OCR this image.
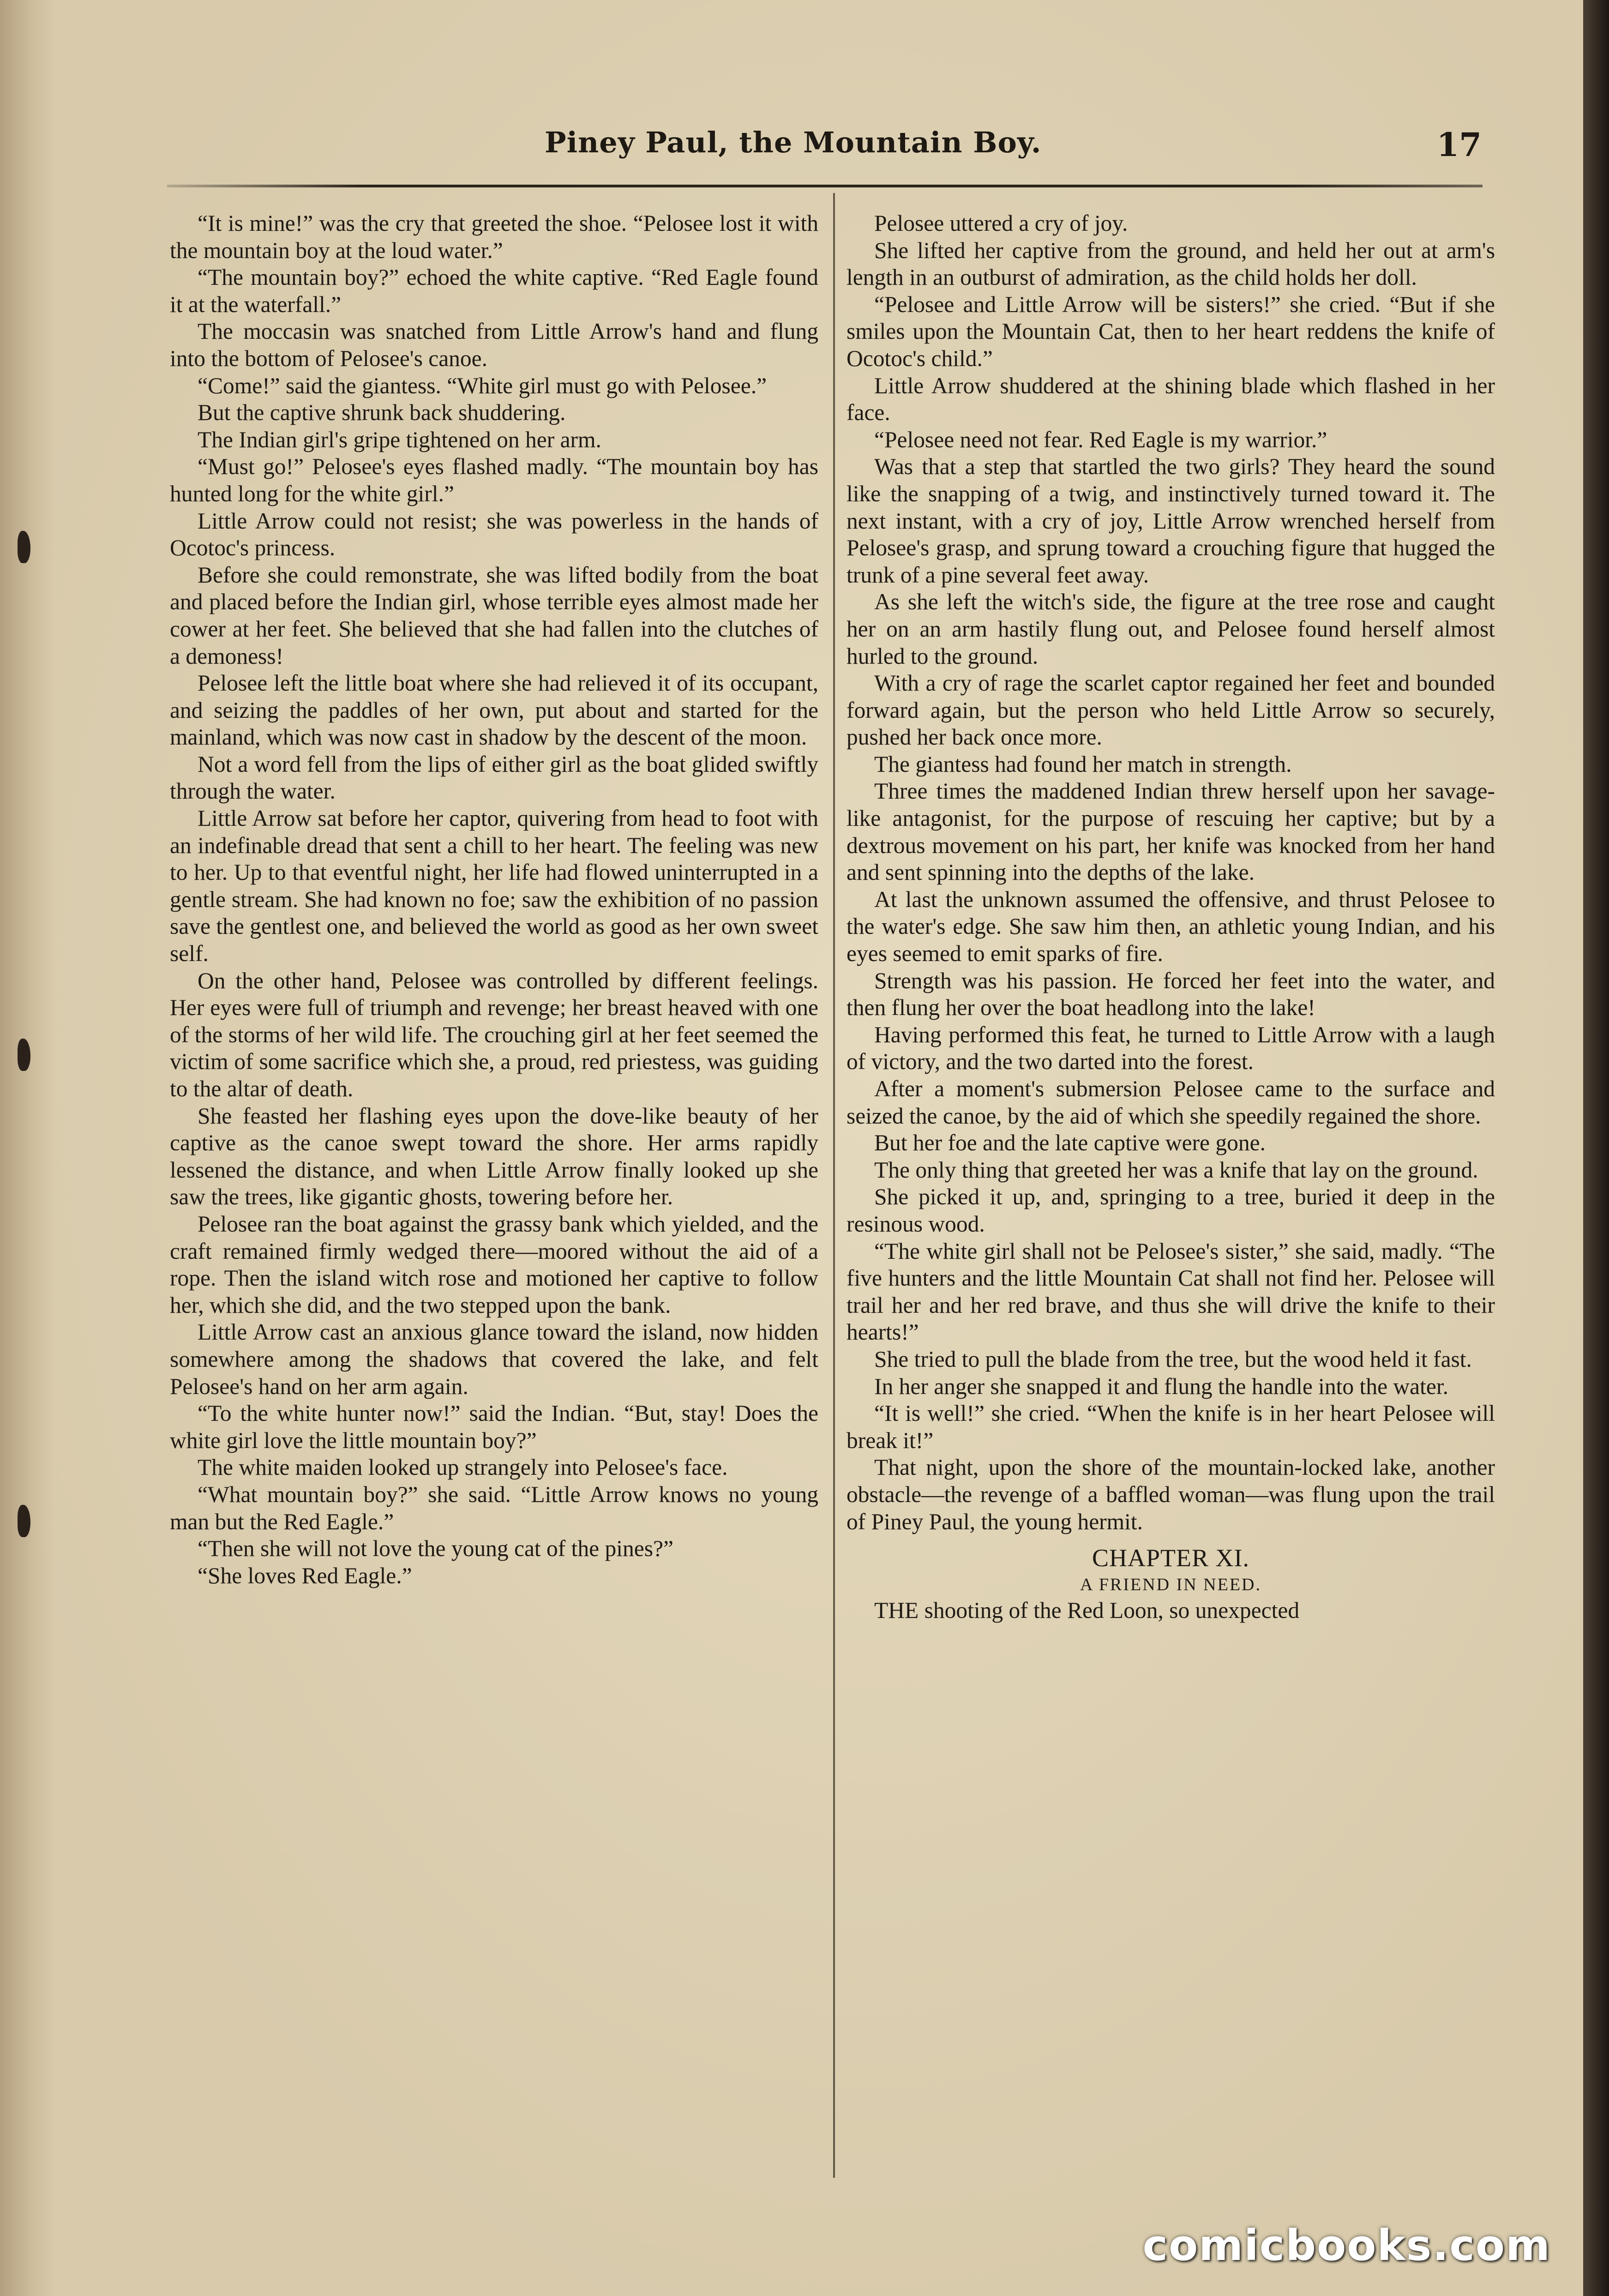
Piney Paul, the Mountain Boy.	17

“It is mine!” was the cry that greeted the shoe. “Pelosee lost it with the mountain boy at the loud water.”

“The mountain boy?” echoed the white captive. “Red Eagle found it at the waterfall.”

The moccasin was snatched from Little Arrow's hand and flung into the bottom of Pelosee's canoe.

“Come!” said the giantess. “White girl must go with Pelosee.”

But the captive shrunk back shuddering.

The Indian girl's gripe tightened on her arm.

“Must go!” Pelosee's eyes flashed madly. “The mountain boy has hunted long for the white girl.”

Little Arrow could not resist; she was powerless in the hands of Ocotoc's princess.

Before she could remonstrate, she was lifted bodily from the boat and placed before the Indian girl, whose terrible eyes almost made her cower at her feet. She believed that she had fallen into the clutches of a demoness!

Pelosee left the little boat where she had relieved it of its occupant, and seizing the paddles of her own, put about and started for the mainland, which was now cast in shadow by the descent of the moon.

Not a word fell from the lips of either girl as the boat glided swiftly through the water.

Little Arrow sat before her captor, quivering from head to foot with an indefinable dread that sent a chill to her heart. The feeling was new to her. Up to that eventful night, her life had flowed uninterrupted in a gentle stream. She had known no foe; saw the exhibition of no passion save the gentlest one, and believed the world as good as her own sweet self.

On the other hand, Pelosee was controlled by different feelings. Her eyes were full of triumph and revenge; her breast heaved with one of the storms of her wild life. The crouching girl at her feet seemed the victim of some sacrifice which she, a proud, red priestess, was guiding to the altar of death.

She feasted her flashing eyes upon the dove-like beauty of her captive as the canoe swept toward the shore. Her arms rapidly lessened the distance, and when Little Arrow finally looked up she saw the trees, like gigantic ghosts, towering before her.

Pelosee ran the boat against the grassy bank which yielded, and the craft remained firmly wedged there—moored without the aid of a rope. Then the island witch rose and motioned her captive to follow her, which she did, and the two stepped upon the bank.

Little Arrow cast an anxious glance toward the island, now hidden somewhere among the shadows that covered the lake, and felt Pelosee's hand on her arm again.

“To the white hunter now!” said the Indian. “But, stay! Does the white girl love the little mountain boy?”

The white maiden looked up strangely into Pelosee's face.

“What mountain boy?” she said. “Little Arrow knows no young man but the Red Eagle.”

“Then she will not love the young cat of the pines?”

“She loves Red Eagle.”

Pelosee uttered a cry of joy.

She lifted her captive from the ground, and held her out at arm's length in an outburst of admiration, as the child holds her doll.

“Pelosee and Little Arrow will be sisters!” she cried. “But if she smiles upon the Mountain Cat, then to her heart reddens the knife of Ocotoc's child.”

Little Arrow shuddered at the shining blade which flashed in her face.

“Pelosee need not fear. Red Eagle is my warrior.”

Was that a step that startled the two girls? They heard the sound like the snapping of a twig, and instinctively turned toward it. The next instant, with a cry of joy, Little Arrow wrenched herself from Pelosee's grasp, and sprung toward a crouching figure that hugged the trunk of a pine several feet away.

As she left the witch's side, the figure at the tree rose and caught her on an arm hastily flung out, and Pelosee found herself almost hurled to the ground.

With a cry of rage the scarlet captor regained her feet and bounded forward again, but the person who held Little Arrow so securely, pushed her back once more.

The giantess had found her match in strength.

Three times the maddened Indian threw herself upon her savage-like antagonist, for the purpose of rescuing her captive; but by a dextrous movement on his part, her knife was knocked from her hand and sent spinning into the depths of the lake.

At last the unknown assumed the offensive, and thrust Pelosee to the water's edge. She saw him then, an athletic young Indian, and his eyes seemed to emit sparks of fire.

Strength was his passion. He forced her feet into the water, and then flung her over the boat headlong into the lake!

Having performed this feat, he turned to Little Arrow with a laugh of victory, and the two darted into the forest.

After a moment's submersion Pelosee came to the surface and seized the canoe, by the aid of which she speedily regained the shore.

But her foe and the late captive were gone.

The only thing that greeted her was a knife that lay on the ground.

She picked it up, and, springing to a tree, buried it deep in the resinous wood.

“The white girl shall not be Pelosee's sister,” she said, madly. “The five hunters and the little Mountain Cat shall not find her. Pelosee will trail her and her red brave, and thus she will drive the knife to their hearts!”

She tried to pull the blade from the tree, but the wood held it fast.

In her anger she snapped it and flung the handle into the water.

“It is well!” she cried. “When the knife is in her heart Pelosee will break it!”

That night, upon the shore of the mountain-locked lake, another obstacle—the revenge of a baffled woman—was flung upon the trail of Piney Paul, the young hermit.

CHAPTER XI.

A FRIEND IN NEED.

THE shooting of the Red Loon, so unexpected

comicbooks.com
